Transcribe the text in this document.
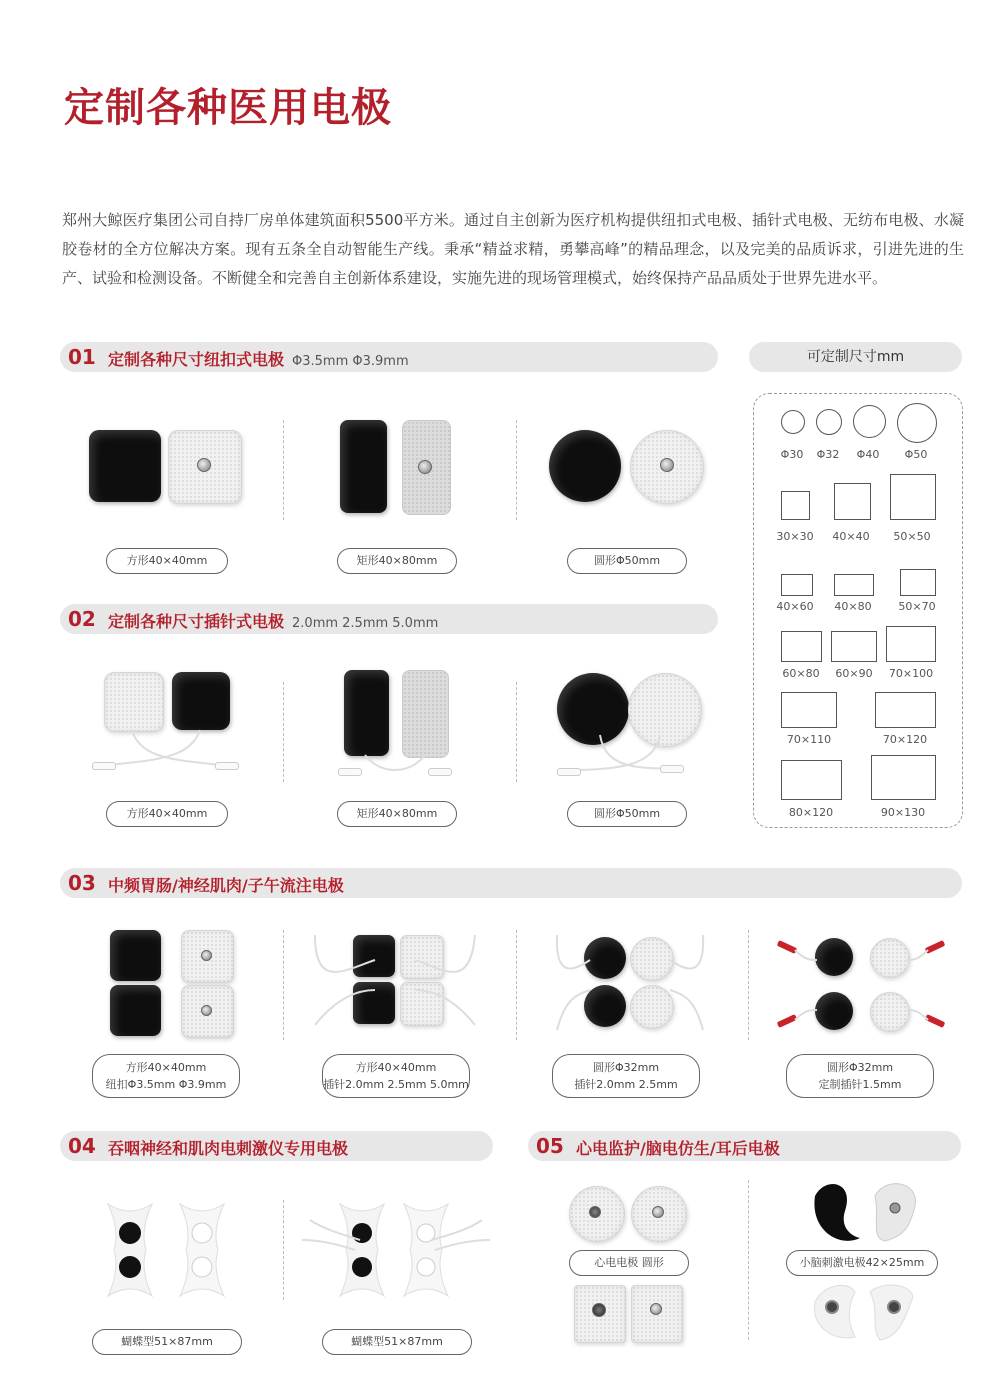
定制各种医用电极
郑州大鲸医疗集团公司自持厂房单体建筑面积5500平方米。通过自主创新为医疗机构提供纽扣式电极、插针式电极、无纺布电极、水凝胶卷材的全方位解决方案。现有五条全自动智能生产线。秉承“精益求精，勇攀高峰”的精品理念，以及完美的品质诉求，引进先进的生产、试验和检测设备。不断健全和完善自主创新体系建设，实施先进的现场管理模式，始终保持产品品质处于世界先进水平。
01 定制各种尺寸纽扣式电极 Φ3.5mm Φ3.9mm
方形40×40mm	矩形40×80mm	圆形Φ50mm
02 定制各种尺寸插针式电极 2.0mm 2.5mm 5.0mm
方形40×40mm	矩形40×80mm	圆形Φ50mm
可定制尺寸mm
Φ30	Φ32	Φ40	Φ50
30×30	40×40	50×50
40×60	40×80	50×70
60×80	60×90	70×100
70×110	70×120
80×120	90×130
03 中频胃肠/神经肌肉/子午流注电极
方形40×40mm
纽扣Φ3.5mm Φ3.9mm
方形40×40mm
插针2.0mm 2.5mm 5.0mm
圆形Φ32mm
插针2.0mm 2.5mm
圆形Φ32mm
定制插针1.5mm
04 吞咽神经和肌肉电刺激仪专用电极
蝴蝶型51×87mm	蝴蝶型51×87mm
05 心电监护/脑电仿生/耳后电极
心电电极 圆形	小脑刺激电极42×25mm
